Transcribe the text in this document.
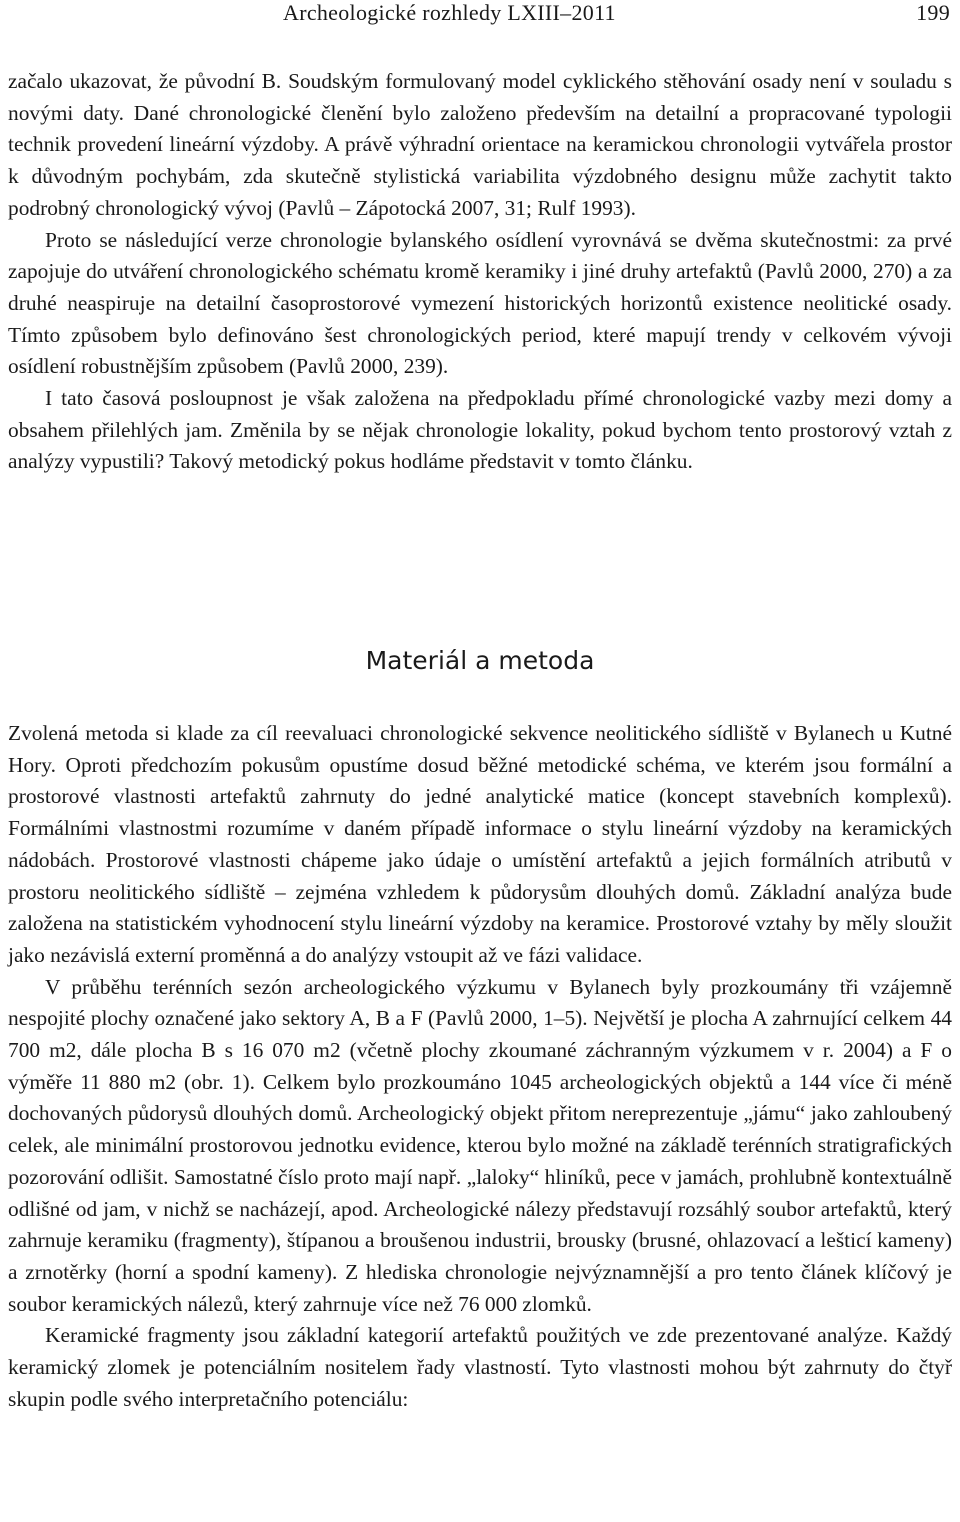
Archeologické rozhledy LXIII–2011	199

začalo ukazovat, že původní B. Soudským formulovaný model cyklického stěhování osady není v souladu s novými daty. Dané chronologické členění bylo založeno především na detailní a propracované typologii technik provedení lineární výzdoby. A právě výhradní orientace na keramickou chronologii vytvářela prostor k důvodným pochybám, zda skutečně stylistická variabilita výzdobného designu může zachytit takto podrobný chronologický vývoj (Pavlů – Zápotocká 2007, 31; Rulf 1993).

Proto se následující verze chronologie bylanského osídlení vyrovnává se dvěma skutečnostmi: za prvé zapojuje do utváření chronologického schématu kromě keramiky i jiné druhy artefaktů (Pavlů 2000, 270) a za druhé neaspiruje na detailní časoprostorové vymezení historických horizontů existence neolitické osady. Tímto způsobem bylo definováno šest chronologických period, které mapují trendy v celkovém vývoji osídlení robustnějším způsobem (Pavlů 2000, 239).

I tato časová posloupnost je však založena na předpokladu přímé chronologické vazby mezi domy a obsahem přilehlých jam. Změnila by se nějak chronologie lokality, pokud bychom tento prostorový vztah z analýzy vypustili? Takový metodický pokus hodláme představit v tomto článku.

Materiál a metoda

Zvolená metoda si klade za cíl reevaluaci chronologické sekvence neolitického sídliště v Bylanech u Kutné Hory. Oproti předchozím pokusům opustíme dosud běžné metodické schéma, ve kterém jsou formální a prostorové vlastnosti artefaktů zahrnuty do jedné analytické matice (koncept stavebních komplexů). Formálními vlastnostmi rozumíme v daném případě informace o stylu lineární výzdoby na keramických nádobách. Prostorové vlastnosti chápeme jako údaje o umístění artefaktů a jejich formálních atributů v prostoru neolitického sídliště – zejména vzhledem k půdorysům dlouhých domů. Základní analýza bude založena na statistickém vyhodnocení stylu lineární výzdoby na keramice. Prostorové vztahy by měly sloužit jako nezávislá externí proměnná a do analýzy vstoupit až ve fázi validace.

V průběhu terénních sezón archeologického výzkumu v Bylanech byly prozkoumány tři vzájemně nespojité plochy označené jako sektory A, B a F (Pavlů 2000, 1–5). Největší je plocha A zahrnující celkem 44 700 m2, dále plocha B s 16 070 m2 (včetně plochy zkoumané záchranným výzkumem v r. 2004) a F o výměře 11 880 m2 (obr. 1). Celkem bylo prozkoumáno 1045 archeologických objektů a 144 více či méně dochovaných půdorysů dlouhých domů. Archeologický objekt přitom nereprezentuje „jámu“ jako zahloubený celek, ale minimální prostorovou jednotku evidence, kterou bylo možné na základě terénních stratigrafických pozorování odlišit. Samostatné číslo proto mají např. „laloky“ hliníků, pece v jamách, prohlubně kontextuálně odlišné od jam, v nichž se nacházejí, apod. Archeologické nálezy představují rozsáhlý soubor artefaktů, který zahrnuje keramiku (fragmenty), štípanou a broušenou industrii, brousky (brusné, ohlazovací a lešticí kameny) a zrnotěrky (horní a spodní kameny). Z hlediska chronologie nejvýznamnější a pro tento článek klíčový je soubor keramických nálezů, který zahrnuje více než 76 000 zlomků.

Keramické fragmenty jsou základní kategorií artefaktů použitých ve zde prezentované analýze. Každý keramický zlomek je potenciálním nositelem řady vlastností. Tyto vlastnosti mohou být zahrnuty do čtyř skupin podle svého interpretačního potenciálu:
